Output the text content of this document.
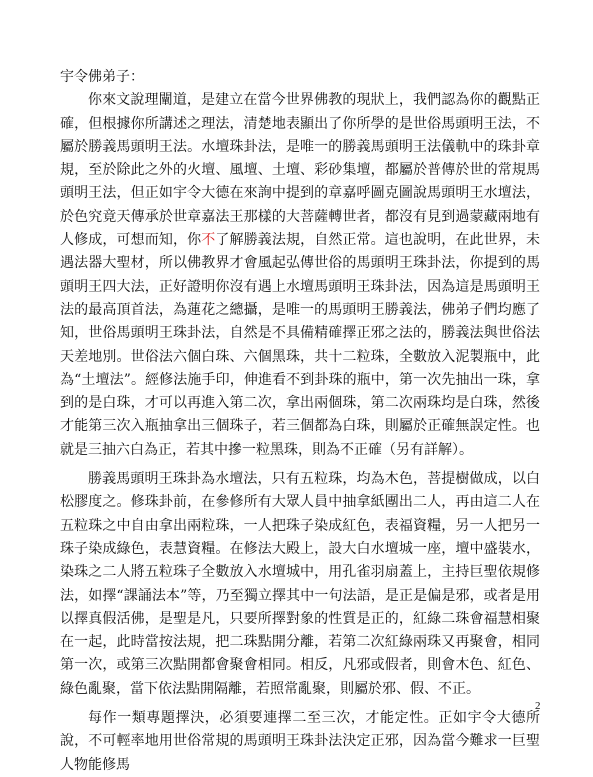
宇令佛弟子：

你來文說理闡道，是建立在當今世界佛教的現狀上，我們認為你的觀點正確，但根據你所講述之理法，清楚地表顯出了你所學的是世俗馬頭明王法，不屬於勝義馬頭明王法。水壇珠卦法，是唯一的勝義馬頭明王法儀軌中的珠卦章規，至於除此之外的火壇、風壇、土壇、彩砂集壇，都屬於普傳於世的常規馬頭明王法，但正如宇令大德在來詢中提到的章嘉呼圖克圖說馬頭明王水壇法，於色究竟天傳承於世章嘉法王那樣的大菩薩轉世者，都沒有見到過蒙藏兩地有人修成，可想而知，你不了解勝義法規，自然正常。這也說明，在此世界，未遇法器大聖材，所以佛教界才會風起弘傳世俗的馬頭明王珠卦法，你提到的馬頭明王四大法，正好證明你沒有遇上水壇馬頭明王珠卦法，因為這是馬頭明王法的最高頂首法，為蓮花之總攝，是唯一的馬頭明王勝義法，佛弟子們均應了知，世俗馬頭明王珠卦法，自然是不具備精確擇正邪之法的，勝義法與世俗法天差地別。世俗法六個白珠、六個黑珠，共十二粒珠，全數放入泥製瓶中，此為“土壇法”。經修法施手印，伸進看不到卦珠的瓶中，第一次先抽出一珠，拿到的是白珠，才可以再進入第二次，拿出兩個珠，第二次兩珠均是白珠，然後才能第三次入瓶抽拿出三個珠子，若三個都為白珠，則屬於正確無誤定性。也就是三抽六白為正，若其中摻一粒黑珠，則為不正確（另有詳解）。

勝義馬頭明王珠卦為水壇法，只有五粒珠，均為木色，菩提樹做成，以白松膠度之。修珠卦前，在參修所有大眾人員中抽拿紙團出二人，再由這二人在五粒珠之中自由拿出兩粒珠，一人把珠子染成紅色，表福資糧，另一人把另一珠子染成綠色，表慧資糧。在修法大殿上，設大白水壇城一座，壇中盛裝水，染珠之二人將五粒珠子全數放入水壇城中，用孔雀羽扇蓋上，主持巨聖依規修法，如擇“課誦法本”等，乃至獨立擇其中一句法語，是正是偏是邪，或者是用以擇真假活佛，是聖是凡，只要所擇對象的性質是正的，紅綠二珠會福慧相聚在一起，此時當按法規，把二珠點開分離，若第二次紅綠兩珠又再聚會，相同第一次，或第三次點開都會聚會相同。相反，凡邪或假者，則會木色、紅色、綠色亂聚，當下依法點開隔離，若照常亂聚，則屬於邪、假、不正。

每作一類專題擇決，必須要連擇二至三次，才能定性。正如宇令大德所說，不可輕率地用世俗常規的馬頭明王珠卦法決定正邪，因為當今難求一巨聖人物能修馬

2
